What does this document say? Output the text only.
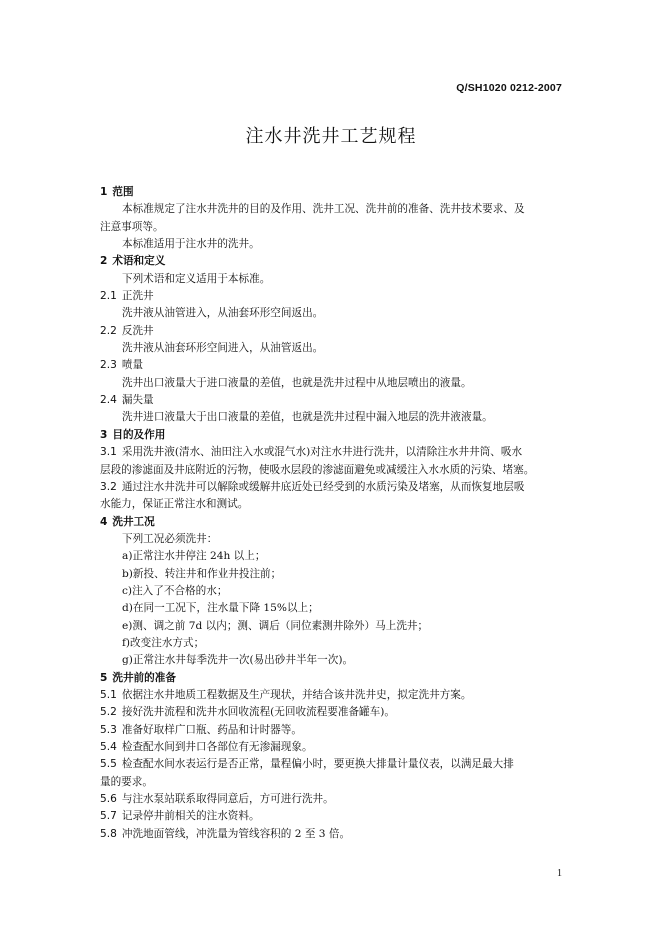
Q/SH1020 0212-2007
注水井洗井工艺规程
1 范围
本标准规定了注水井洗井的目的及作用、洗井工况、洗井前的准备、洗井技术要求、及
注意事项等。
本标准适用于注水井的洗井。
2 术语和定义
下列术语和定义适用于本标准。
2.1 正洗井
洗井液从油管进入，从油套环形空间返出。
2.2 反洗井
洗井液从油套环形空间进入，从油管返出。
2.3 喷量
洗井出口液量大于进口液量的差值，也就是洗井过程中从地层喷出的液量。
2.4 漏失量
洗井进口液量大于出口液量的差值，也就是洗井过程中漏入地层的洗井液液量。
3 目的及作用
3.1 采用洗井液(清水、油田注入水或混气水)对注水井进行洗井，以清除注水井井筒、吸水
层段的渗滤面及井底附近的污物，使吸水层段的渗滤面避免或减缓注入水水质的污染、堵塞。
3.2 通过注水井洗井可以解除或缓解井底近处已经受到的水质污染及堵塞，从而恢复地层吸
水能力，保证正常注水和测试。
4 洗井工况
下列工况必须洗井：
a)正常注水井停注 24h 以上；
b)新投、转注井和作业井投注前；
c)注入了不合格的水；
d)在同一工况下，注水量下降 15%以上；
e)测、调之前 7d 以内；测、调后（同位素测井除外）马上洗井；
f)改变注水方式；
g)正常注水井每季洗井一次(易出砂井半年一次)。
5 洗井前的准备
5.1 依据注水井地质工程数据及生产现状，并结合该井洗井史，拟定洗井方案。
5.2 接好洗井流程和洗井水回收流程(无回收流程要准备罐车)。
5.3 准备好取样广口瓶、药品和计时器等。
5.4 检查配水间到井口各部位有无渗漏现象。
5.5 检查配水间水表运行是否正常，量程偏小时，要更换大排量计量仪表，以满足最大排
量的要求。
5.6 与注水泵站联系取得同意后，方可进行洗井。
5.7 记录停井前相关的注水资料。
5.8 冲洗地面管线，冲洗量为管线容积的 2 至 3 倍。
1
